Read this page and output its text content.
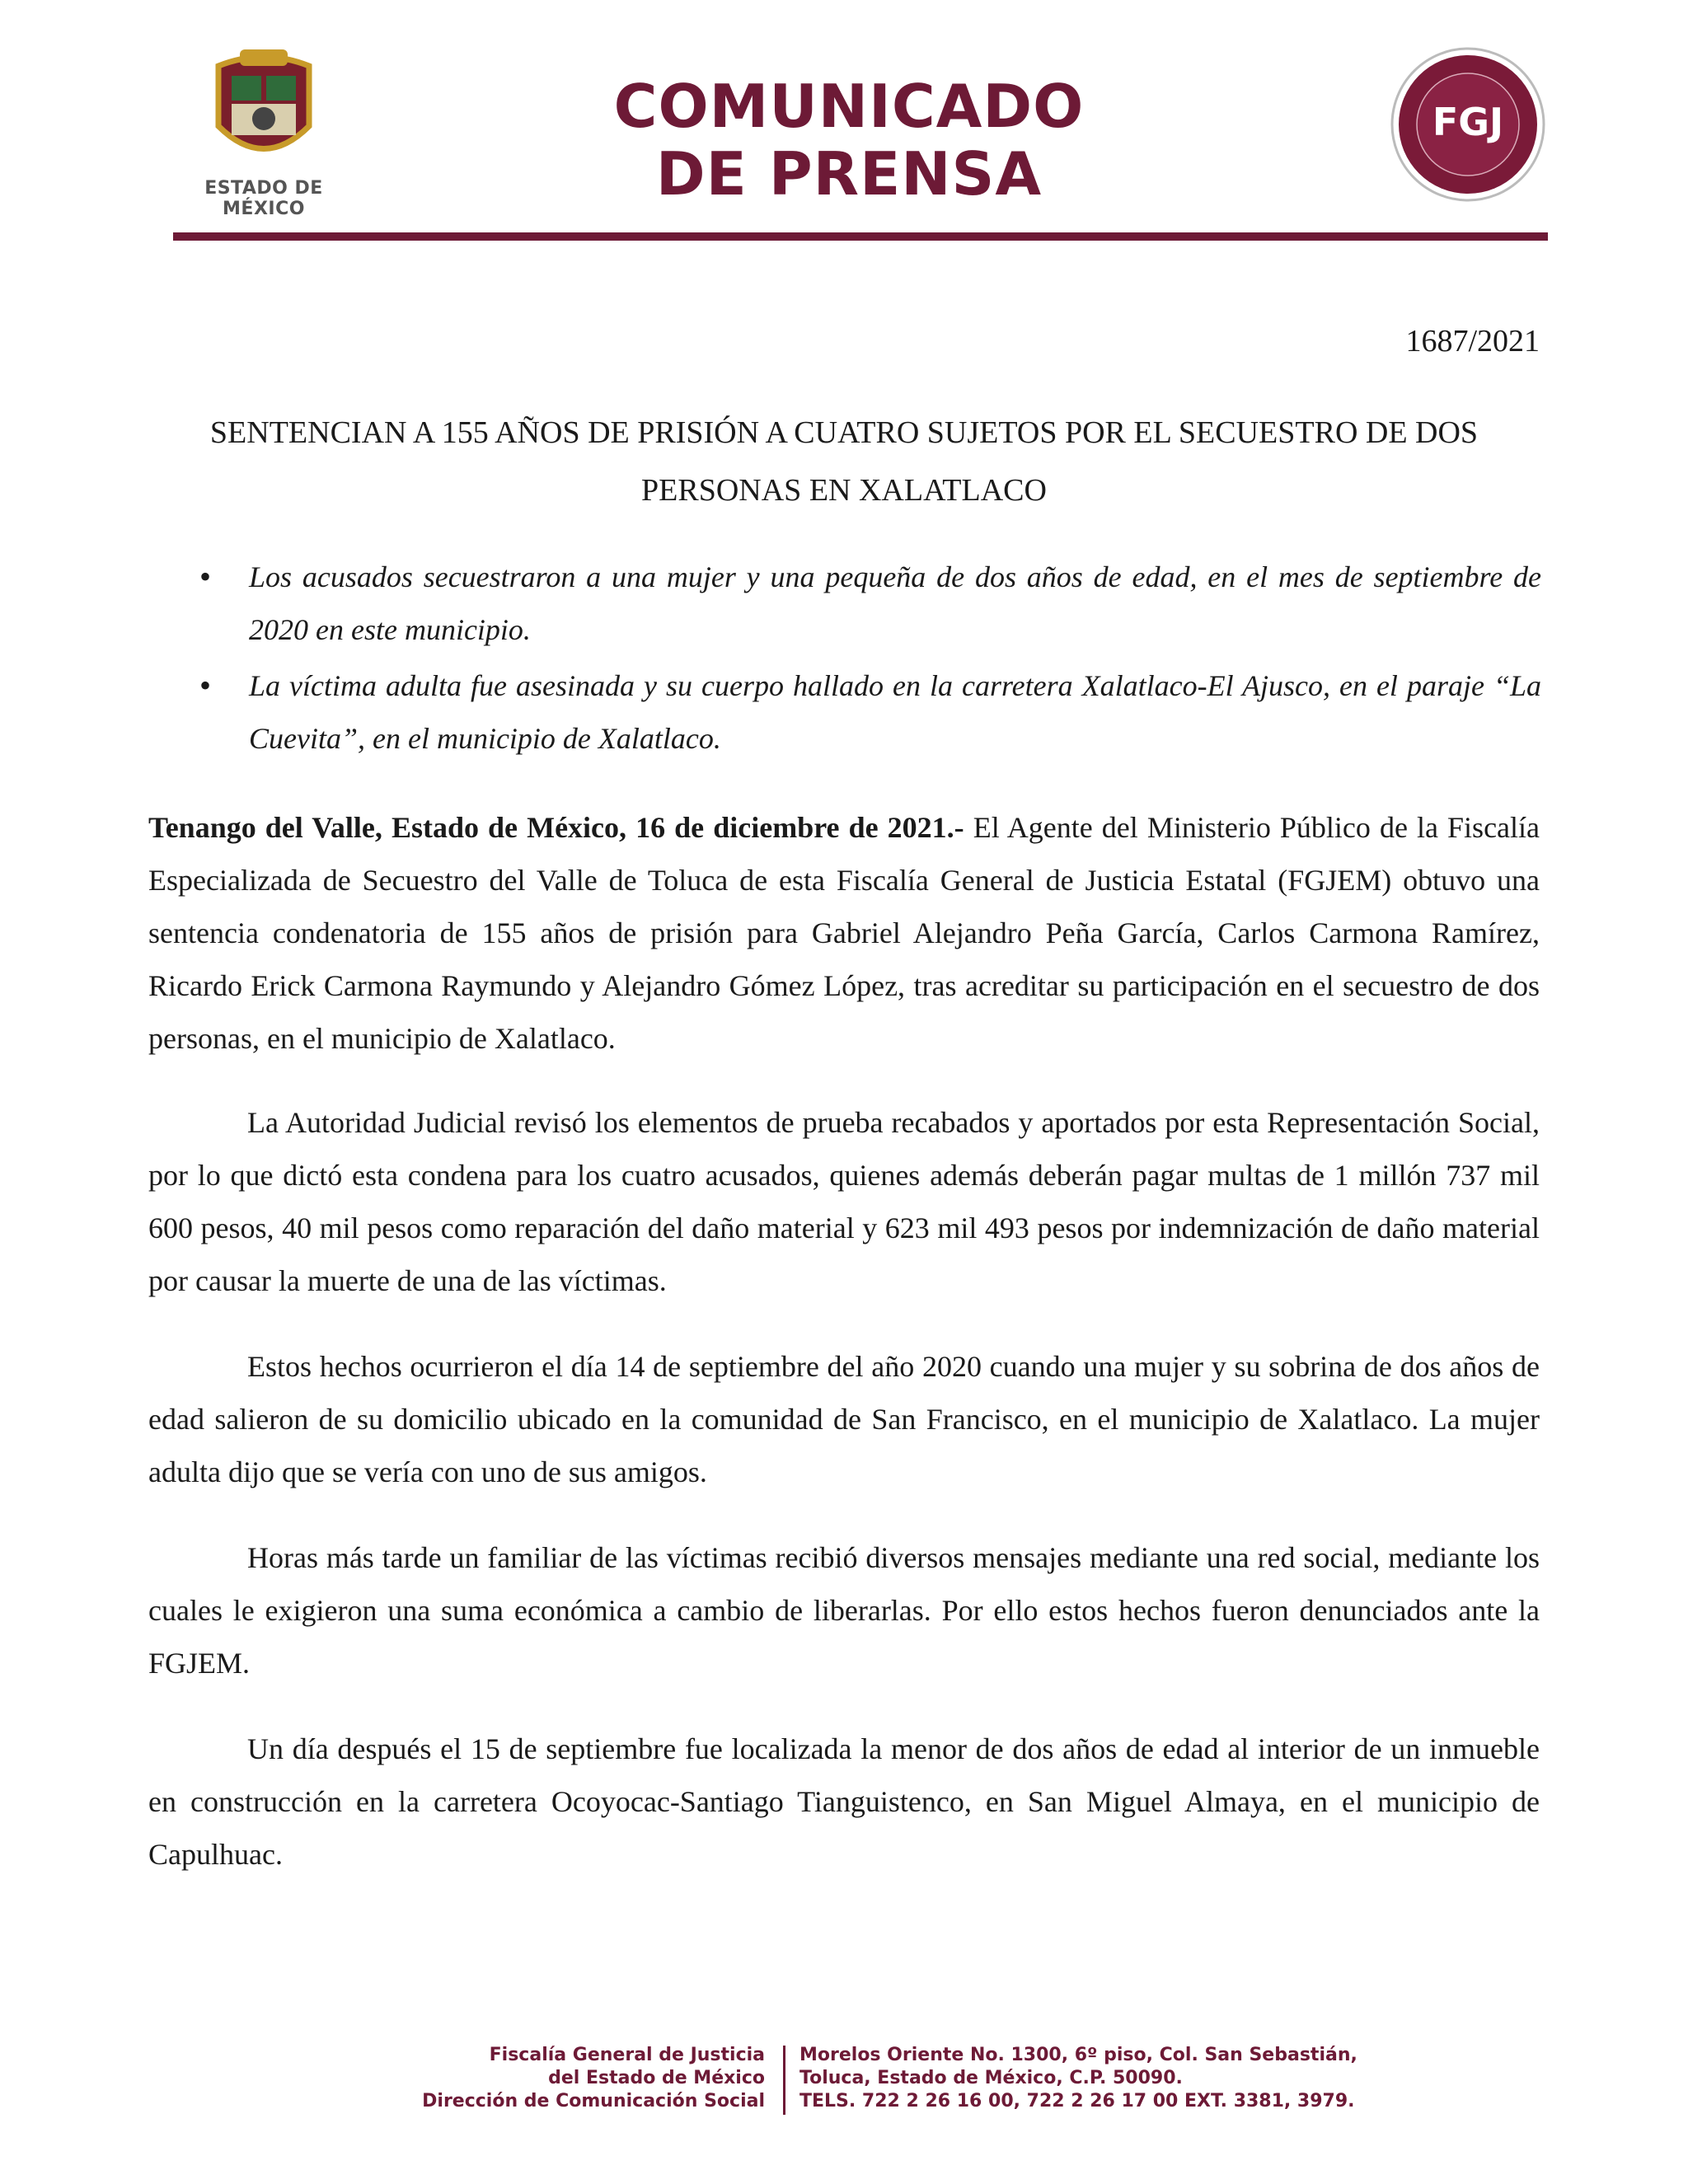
ESTADO DE MÉXICO
COMUNICADO
DE PRENSA
FGJ
1687/2021
SENTENCIAN A 155 AÑOS DE PRISIÓN A CUATRO SUJETOS POR EL SECUESTRO DE DOS PERSONAS EN XALATLACO
• Los acusados secuestraron a una mujer y una pequeña de dos años de edad, en el mes de septiembre de 2020 en este municipio.
• La víctima adulta fue asesinada y su cuerpo hallado en la carretera Xalatlaco-El Ajusco, en el paraje “La Cuevita”, en el municipio de Xalatlaco.

Tenango del Valle, Estado de México, 16 de diciembre de 2021.- El Agente del Ministerio Público de la Fiscalía Especializada de Secuestro del Valle de Toluca de esta Fiscalía General de Justicia Estatal (FGJEM) obtuvo una sentencia condenatoria de 155 años de prisión para Gabriel Alejandro Peña García, Carlos Carmona Ramírez, Ricardo Erick Carmona Raymundo y Alejandro Gómez López, tras acreditar su participación en el secuestro de dos personas, en el municipio de Xalatlaco.

La Autoridad Judicial revisó los elementos de prueba recabados y aportados por esta Representación Social, por lo que dictó esta condena para los cuatro acusados, quienes además deberán pagar multas de 1 millón 737 mil 600 pesos, 40 mil pesos como reparación del daño material y 623 mil 493 pesos por indemnización de daño material por causar la muerte de una de las víctimas.

Estos hechos ocurrieron el día 14 de septiembre del año 2020 cuando una mujer y su sobrina de dos años de edad salieron de su domicilio ubicado en la comunidad de San Francisco, en el municipio de Xalatlaco. La mujer adulta dijo que se vería con uno de sus amigos.

Horas más tarde un familiar de las víctimas recibió diversos mensajes mediante una red social, mediante los cuales le exigieron una suma económica a cambio de liberarlas. Por ello estos hechos fueron denunciados ante la FGJEM.

Un día después el 15 de septiembre fue localizada la menor de dos años de edad al interior de un inmueble en construcción en la carretera Ocoyocac-Santiago Tianguistenco, en San Miguel Almaya, en el municipio de Capulhuac.

Fiscalía General de Justicia
del Estado de México
Dirección de Comunicación Social
Morelos Oriente No. 1300, 6º piso, Col. San Sebastián,
Toluca, Estado de México, C.P. 50090.
TELS. 722 2 26 16 00, 722 2 26 17 00 EXT. 3381, 3979.
